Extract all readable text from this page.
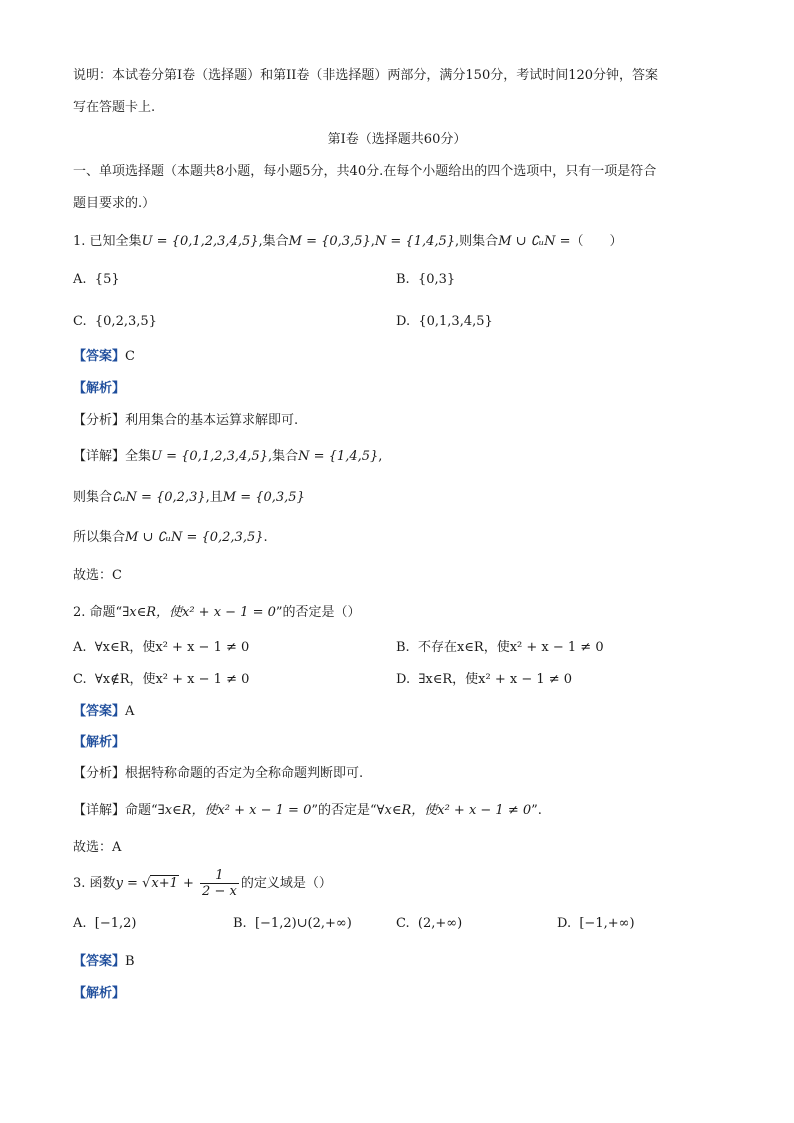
说明：本试卷分第I卷（选择题）和第II卷（非选择题）两部分，满分150分，考试时间120分钟，答案
写在答题卡上.
第I卷（选择题共60分）
一、单项选择题（本题共8小题，每小题5分，共40分.在每个小题给出的四个选项中，只有一项是符合
题目要求的.）
1. 已知全集U = {0,1,2,3,4,5},集合M = {0,3,5},N = {1,4,5},则集合M ∪ ∁ᵤN =（　　）
A. {5}	B. {0,3}
C. {0,2,3,5}	D. {0,1,3,4,5}
【答案】C
【解析】
【分析】利用集合的基本运算求解即可.
【详解】全集U = {0,1,2,3,4,5},集合N = {1,4,5},
则集合∁ᵤN = {0,2,3},且M = {0,3,5}
所以集合M ∪ ∁ᵤN = {0,2,3,5}.
故选：C
2. 命题“∃x∈R，使x² + x − 1 = 0”的否定是（）
A. ∀x∈R，使x² + x − 1 ≠ 0	B. 不存在x∈R，使x² + x − 1 ≠ 0
C. ∀x∉R，使x² + x − 1 ≠ 0	D. ∃x∈R，使x² + x − 1 ≠ 0
【答案】A
【解析】
【分析】根据特称命题的否定为全称命题判断即可.
【详解】命题“∃x∈R，使x² + x − 1 = 0”的否定是“∀x∈R，使x² + x − 1 ≠ 0”.
故选：A
3. 函数$y = √x+1 + \frac{1}{2 - x}$ 的定义域是（）
A. [−1,2)	B. [−1,2)∪(2,+∞)	C. (2,+∞)	D. [−1,+∞)
【答案】B
【解析】
